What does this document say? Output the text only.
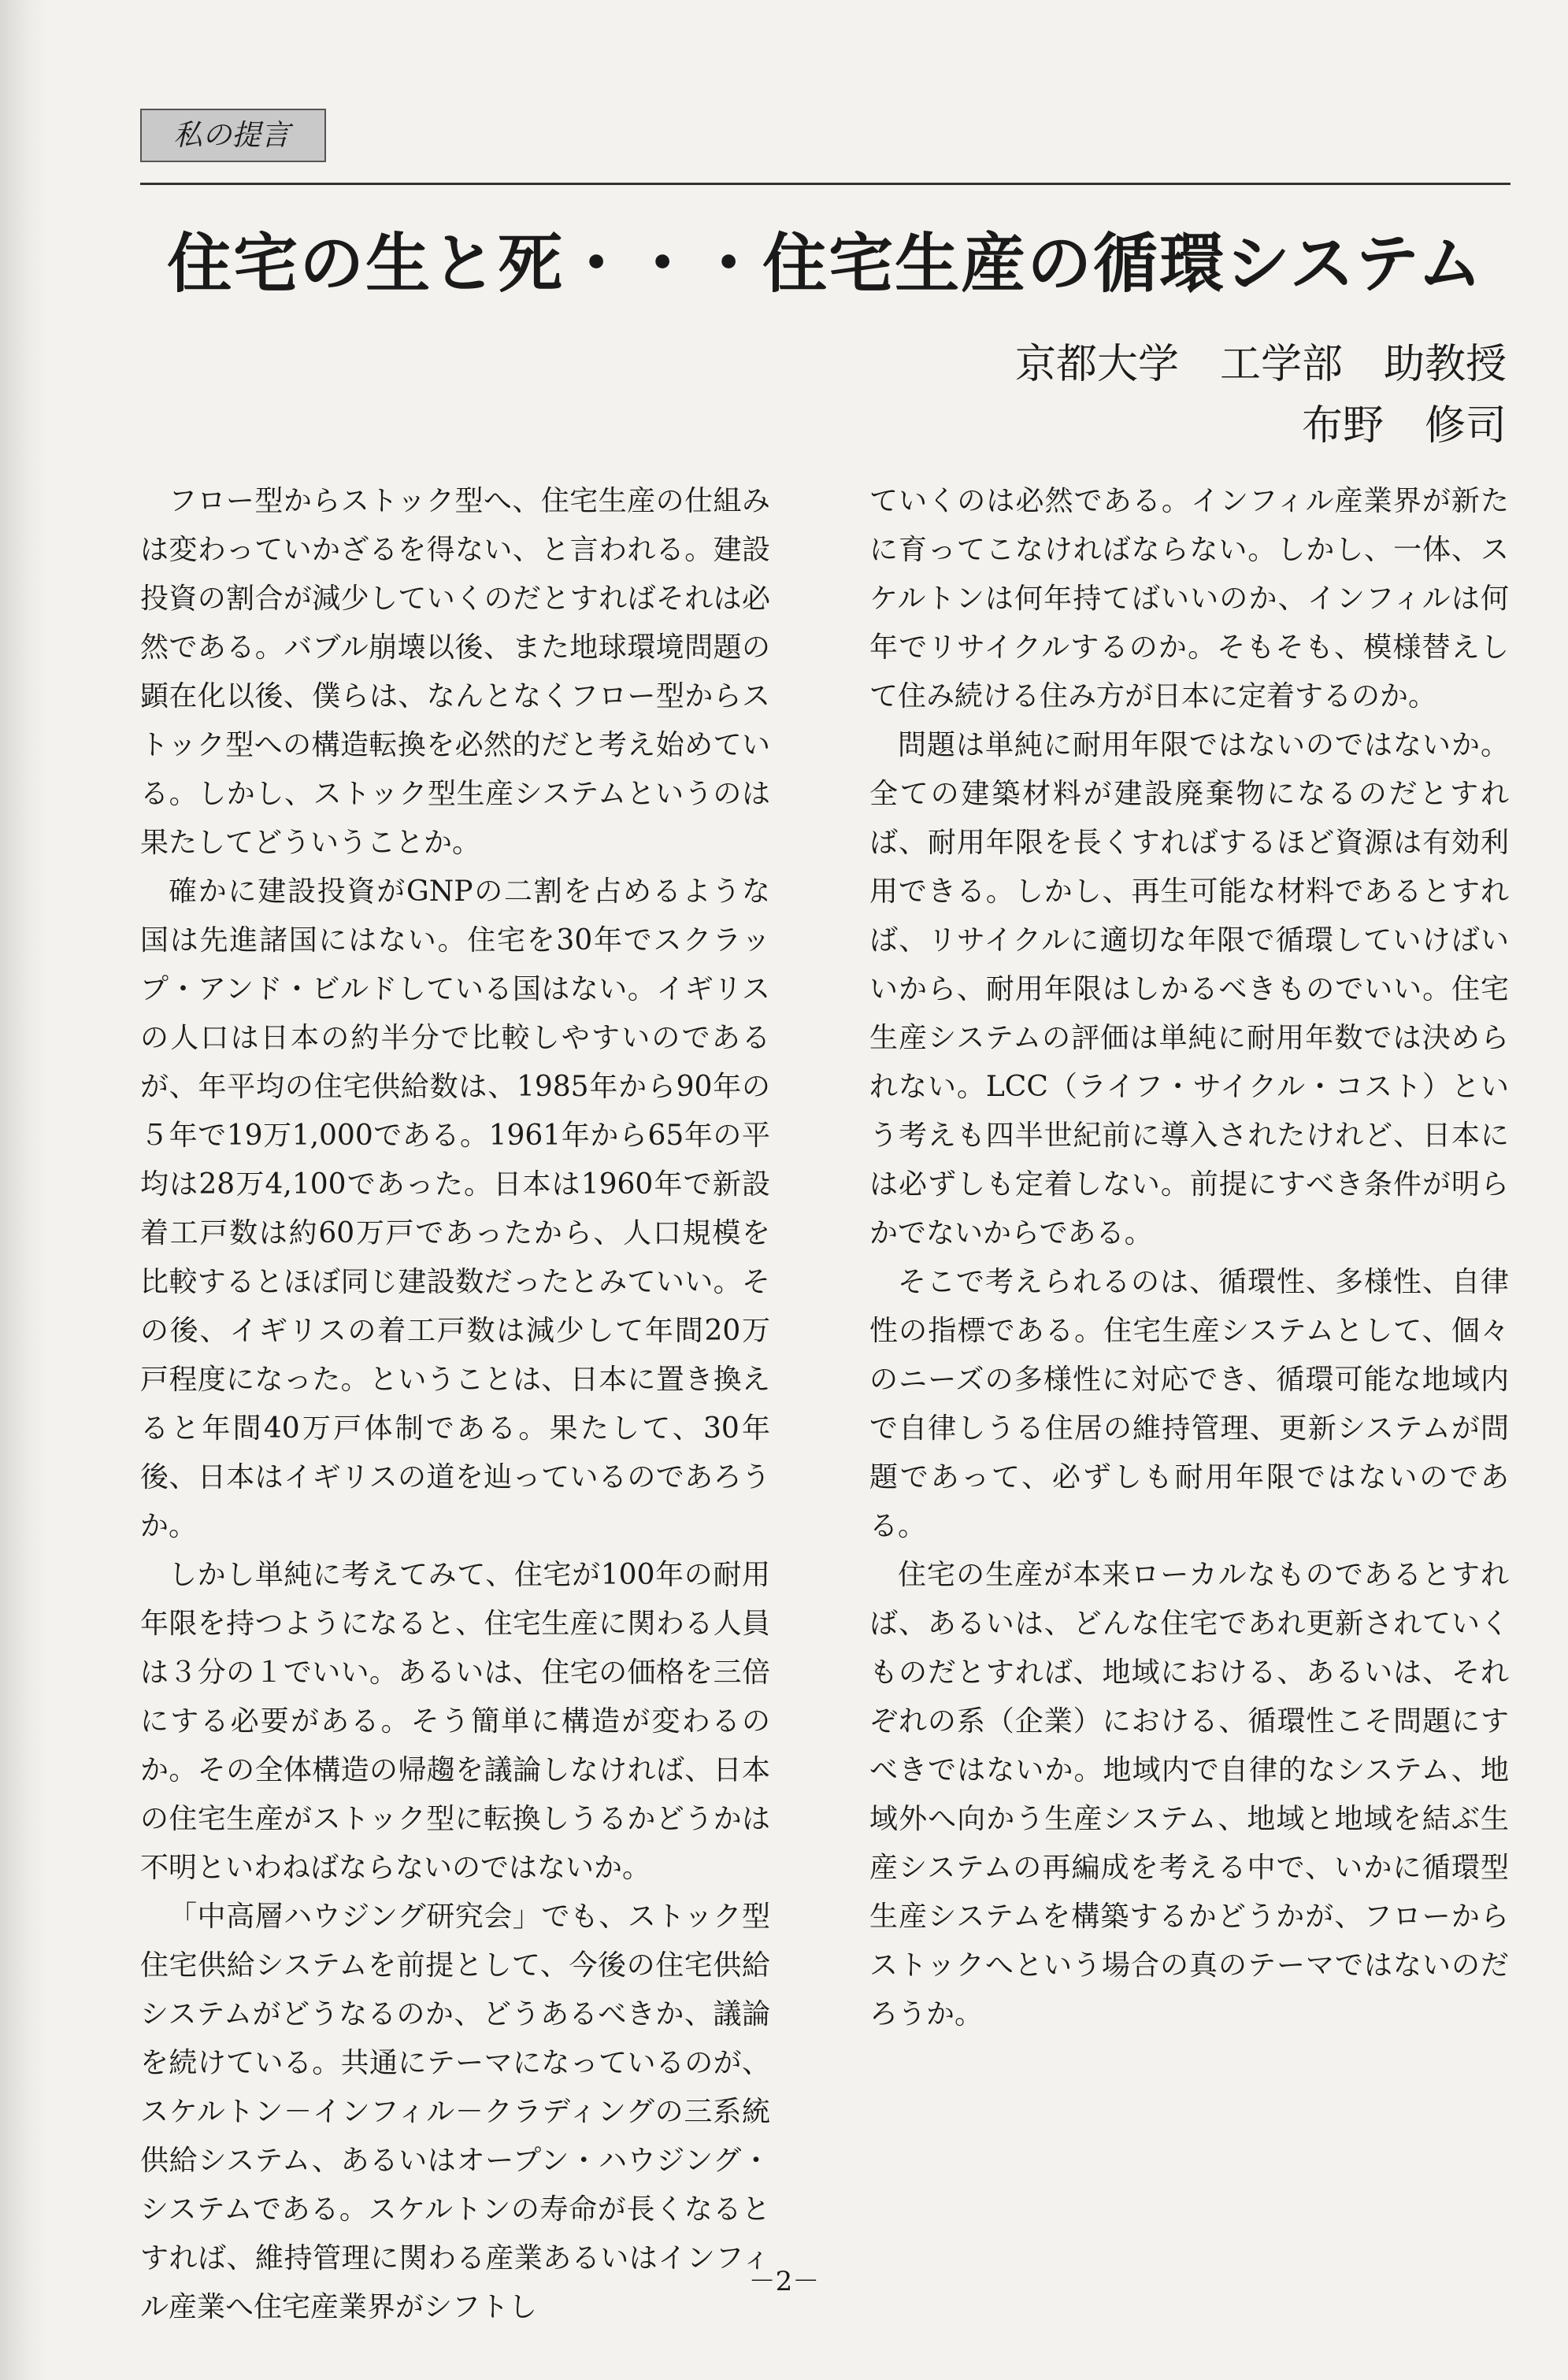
私の提言
住宅の生と死・・・住宅生産の循環システム
京都大学　工学部　助教授
布野　修司

フロー型からストック型へ、住宅生産の仕組みは変わっていかざるを得ない、と言われる。建設投資の割合が減少していくのだとすればそれは必然である。バブル崩壊以後、また地球環境問題の顕在化以後、僕らは、なんとなくフロー型からストック型への構造転換を必然的だと考え始めている。しかし、ストック型生産システムというのは果たしてどういうことか。

確かに建設投資がGNPの二割を占めるような国は先進諸国にはない。住宅を30年でスクラップ・アンド・ビルドしている国はない。イギリスの人口は日本の約半分で比較しやすいのであるが、年平均の住宅供給数は、1985年から90年の５年で19万1,000である。1961年から65年の平均は28万4,100であった。日本は1960年で新設着工戸数は約60万戸であったから、人口規模を比較するとほぼ同じ建設数だったとみていい。その後、イギリスの着工戸数は減少して年間20万戸程度になった。ということは、日本に置き換えると年間40万戸体制である。果たして、30年後、日本はイギリスの道を辿っているのであろうか。

しかし単純に考えてみて、住宅が100年の耐用年限を持つようになると、住宅生産に関わる人員は３分の１でいい。あるいは、住宅の価格を三倍にする必要がある。そう簡単に構造が変わるのか。その全体構造の帰趨を議論しなければ、日本の住宅生産がストック型に転換しうるかどうかは不明といわねばならないのではないか。

「中高層ハウジング研究会」でも、ストック型住宅供給システムを前提として、今後の住宅供給システムがどうなるのか、どうあるべきか、議論を続けている。共通にテーマになっているのが、スケルトン－インフィル－クラディングの三系統供給システム、あるいはオープン・ハウジング・システムである。スケルトンの寿命が長くなるとすれば、維持管理に関わる産業あるいはインフィル産業へ住宅産業界がシフトし

ていくのは必然である。インフィル産業界が新たに育ってこなければならない。しかし、一体、スケルトンは何年持てばいいのか、インフィルは何年でリサイクルするのか。そもそも、模様替えして住み続ける住み方が日本に定着するのか。

問題は単純に耐用年限ではないのではないか。全ての建築材料が建設廃棄物になるのだとすれば、耐用年限を長くすればするほど資源は有効利用できる。しかし、再生可能な材料であるとすれば、リサイクルに適切な年限で循環していけばいいから、耐用年限はしかるべきものでいい。住宅生産システムの評価は単純に耐用年数では決められない。LCC（ライフ・サイクル・コスト）という考えも四半世紀前に導入されたけれど、日本には必ずしも定着しない。前提にすべき条件が明らかでないからである。

そこで考えられるのは、循環性、多様性、自律性の指標である。住宅生産システムとして、個々のニーズの多様性に対応でき、循環可能な地域内で自律しうる住居の維持管理、更新システムが問題であって、必ずしも耐用年限ではないのである。

住宅の生産が本来ローカルなものであるとすれば、あるいは、どんな住宅であれ更新されていくものだとすれば、地域における、あるいは、それぞれの系（企業）における、循環性こそ問題にすべきではないか。地域内で自律的なシステム、地域外へ向かう生産システム、地域と地域を結ぶ生産システムの再編成を考える中で、いかに循環型生産システムを構築するかどうかが、フローからストックへという場合の真のテーマではないのだろうか。

－2－
